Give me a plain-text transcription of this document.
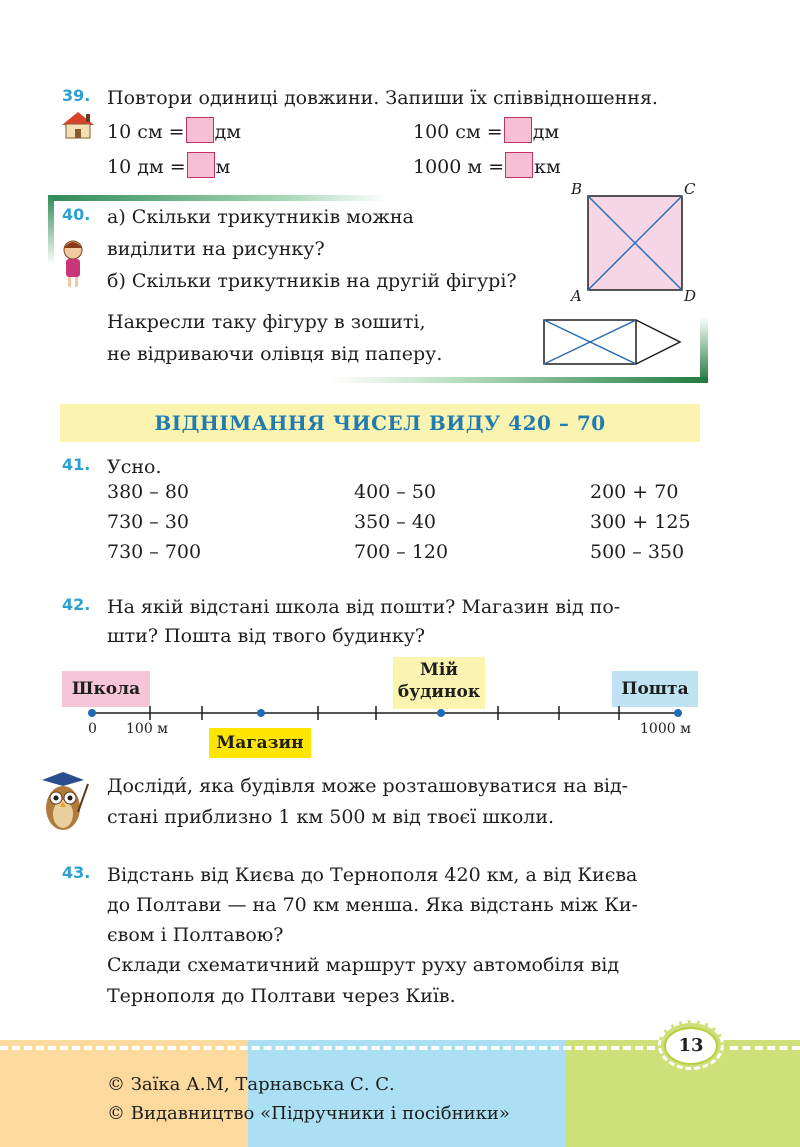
39. Повтори одиниці довжини. Запиши їх співвідношення.
10 см = дм	100 см = дм
10 дм = м	1000 м = км
40. а) Скільки трикутників можна
виділити на рисунку?
б) Скільки трикутників на другій фігурі?
Накресли таку фігуру в зошиті,
не відриваючи олівця від паперу.
B	C
A	D
ВІДНІМАННЯ ЧИСЕЛ ВИДУ 420 – 70
41. Усно.
380 – 80	400 – 50	200 + 70
730 – 30	350 – 40	300 + 125
730 – 700	700 – 120	500 – 350
42. На якій відстані школа від пошти? Магазин від по-
шти? Пошта від твого будинку?
Школа
Мій
будинок	Пошта
Магазин
0 100 м	1000 м
Досліди́, яка будівля може розташовуватися на від-
стані приблизно 1 км 500 м від твоєї школи.
43. Відстань від Києва до Тернополя 420 км, а від Києва
до Полтави — на 70 км менша. Яка відстань між Ки-
євом і Полтавою?
Склади схематичний маршрут руху автомобіля від
Тернополя до Полтави через Київ.
13
© Заїка А.М, Тарнавська С. С.
© Видавництво «Підручники і посібники»
